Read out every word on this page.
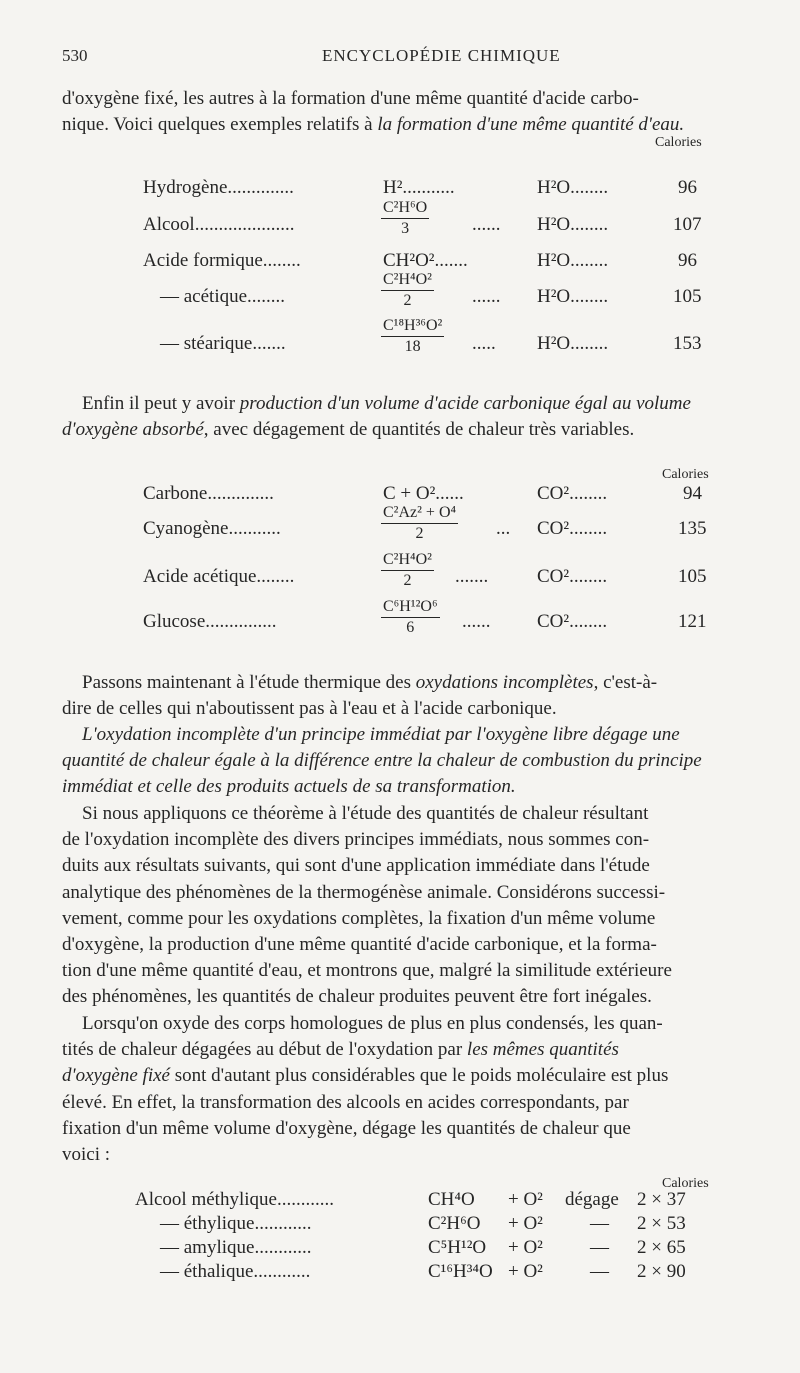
530	ENCYCLOPÉDIE CHIMIQUE
d'oxygène fixé, les autres à la formation d'une même quantité d'acide carbo-
nique. Voici quelques exemples relatifs à la formation d'une même quantité d'eau.
Calories
Hydrogène..............	H²...........	H²O........	96
Alcool.....................	$\frac{\text{C²H⁶O}}{3}$ ...... H²O........	107
Acide formique........	CH²O².......	H²O........	96
— acétique........	$\frac{\text{C²H⁴O²}}{2}$ ...... H²O........	105
— stéarique.......	$\frac{\text{C¹⁸H³⁶O²}}{18}$ ..... H²O........	153
Enfin il peut y avoir production d'un volume d'acide carbonique égal au volume
d'oxygène absorbé, avec dégagement de quantités de chaleur très variables.
Calories
Carbone..............	C + O²......	CO²........	94
Cyanogène...........	$\frac{\text{C²Az² + O⁴}}{2}$ ... CO²........	135
Acide acétique........	$\frac{\text{C²H⁴O²}}{2}$ .......	CO²........	105
Glucose...............	$\frac{\text{C⁶H¹²O⁶}}{6}$ ...... CO²........	121
Passons maintenant à l'étude thermique des oxydations incomplètes, c'est-à-
dire de celles qui n'aboutissent pas à l'eau et à l'acide carbonique.
L'oxydation incomplète d'un principe immédiat par l'oxygène libre dégage une
quantité de chaleur égale à la différence entre la chaleur de combustion du principe
immédiat et celle des produits actuels de sa transformation.
Si nous appliquons ce théorème à l'étude des quantités de chaleur résultant
de l'oxydation incomplète des divers principes immédiats, nous sommes con-
duits aux résultats suivants, qui sont d'une application immédiate dans l'étude
analytique des phénomènes de la thermogénèse animale. Considérons successi-
vement, comme pour les oxydations complètes, la fixation d'un même volume
d'oxygène, la production d'une même quantité d'acide carbonique, et la forma-
tion d'une même quantité d'eau, et montrons que, malgré la similitude extérieure
des phénomènes, les quantités de chaleur produites peuvent être fort inégales.
Lorsqu'on oxyde des corps homologues de plus en plus condensés, les quan-
tités de chaleur dégagées au début de l'oxydation par les mêmes quantités
d'oxygène fixé sont d'autant plus considérables que le poids moléculaire est plus
élevé. En effet, la transformation des alcools en acides correspondants, par
fixation d'un même volume d'oxygène, dégage les quantités de chaleur que
voici :
Calories
Alcool méthylique............	CH⁴O + O² dégage 2 × 37
— éthylique............	C²H⁶O + O² — 2 × 53
— amylique............	C⁵H¹²O + O² — 2 × 65
— éthalique............	C¹⁶H³⁴O + O² — 2 × 90
